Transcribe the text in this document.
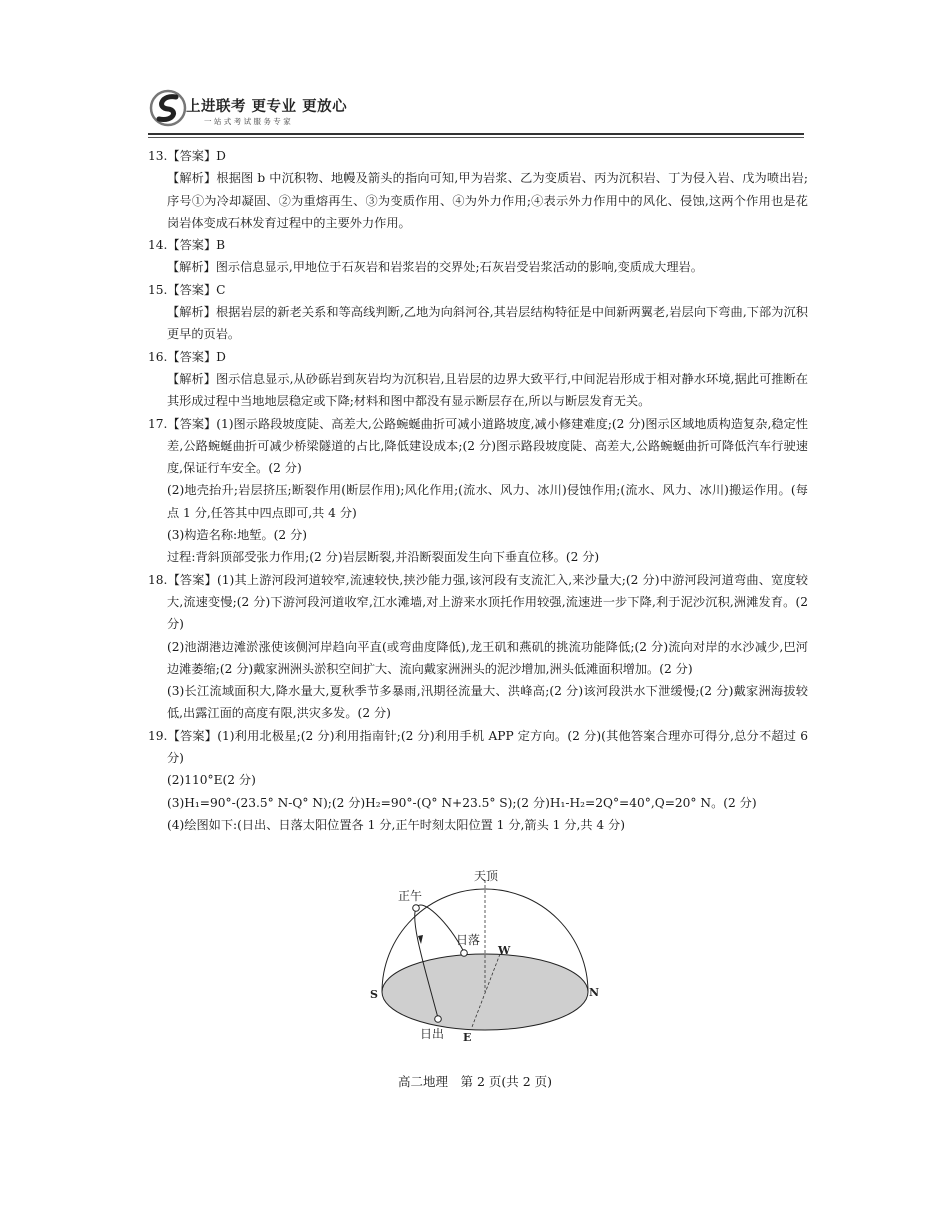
上进联考 更专业 更放心
一站式考试服务专家

13.【答案】D

【解析】根据图 b 中沉积物、地幔及箭头的指向可知,甲为岩浆、乙为变质岩、丙为沉积岩、丁为侵入岩、戊为喷出岩;序号①为冷却凝固、②为重熔再生、③为变质作用、④为外力作用;④表示外力作用中的风化、侵蚀,这两个作用也是花岗岩体变成石林发育过程中的主要外力作用。

14.【答案】B

【解析】图示信息显示,甲地位于石灰岩和岩浆岩的交界处;石灰岩受岩浆活动的影响,变质成大理岩。

15.【答案】C

【解析】根据岩层的新老关系和等高线判断,乙地为向斜河谷,其岩层结构特征是中间新两翼老,岩层向下弯曲,下部为沉积更早的页岩。

16.【答案】D

【解析】图示信息显示,从砂砾岩到灰岩均为沉积岩,且岩层的边界大致平行,中间泥岩形成于相对静水环境,据此可推断在其形成过程中当地地层稳定或下降;材料和图中都没有显示断层存在,所以与断层发育无关。

17.【答案】(1)图示路段坡度陡、高差大,公路蜿蜒曲折可减小道路坡度,减小修建难度;(2 分)图示区域地质构造复杂,稳定性差,公路蜿蜒曲折可减少桥梁隧道的占比,降低建设成本;(2 分)图示路段坡度陡、高差大,公路蜿蜒曲折可降低汽车行驶速度,保证行车安全。(2 分)

(2)地壳抬升;岩层挤压;断裂作用(断层作用);风化作用;(流水、风力、冰川)侵蚀作用;(流水、风力、冰川)搬运作用。(每点 1 分,任答其中四点即可,共 4 分)

(3)构造名称:地堑。(2 分)

过程:背斜顶部受张力作用;(2 分)岩层断裂,并沿断裂面发生向下垂直位移。(2 分)

18.【答案】(1)其上游河段河道较窄,流速较快,挟沙能力强,该河段有支流汇入,来沙量大;(2 分)中游河段河道弯曲、宽度较大,流速变慢;(2 分)下游河段河道收窄,江水滩墙,对上游来水顶托作用较强,流速进一步下降,利于泥沙沉积,洲滩发育。(2 分)

(2)池湖港边滩淤涨使该侧河岸趋向平直(或弯曲度降低),龙王矶和燕矶的挑流功能降低;(2 分)流向对岸的水沙减少,巴河边滩萎缩;(2 分)戴家洲洲头淤积空间扩大、流向戴家洲洲头的泥沙增加,洲头低滩面积增加。(2 分)

(3)长江流域面积大,降水量大,夏秋季节多暴雨,汛期径流量大、洪峰高;(2 分)该河段洪水下泄缓慢;(2 分)戴家洲海拔较低,出露江面的高度有限,洪灾多发。(2 分)

19.【答案】(1)利用北极星;(2 分)利用指南针;(2 分)利用手机 APP 定方向。(2 分)(其他答案合理亦可得分,总分不超过 6 分)

(2)110°E(2 分)

(3)H₁=90°-(23.5° N-Q° N);(2 分)H₂=90°-(Q° N+23.5° S);(2 分)H₁-H₂=2Q°=40°,Q=20° N。(2 分)

(4)绘图如下:(日出、日落太阳位置各 1 分,正午时刻太阳位置 1 分,箭头 1 分,共 4 分)

天顶
正午
日落
日出
S	N
W
E
高二地理　第 2 页(共 2 页)
